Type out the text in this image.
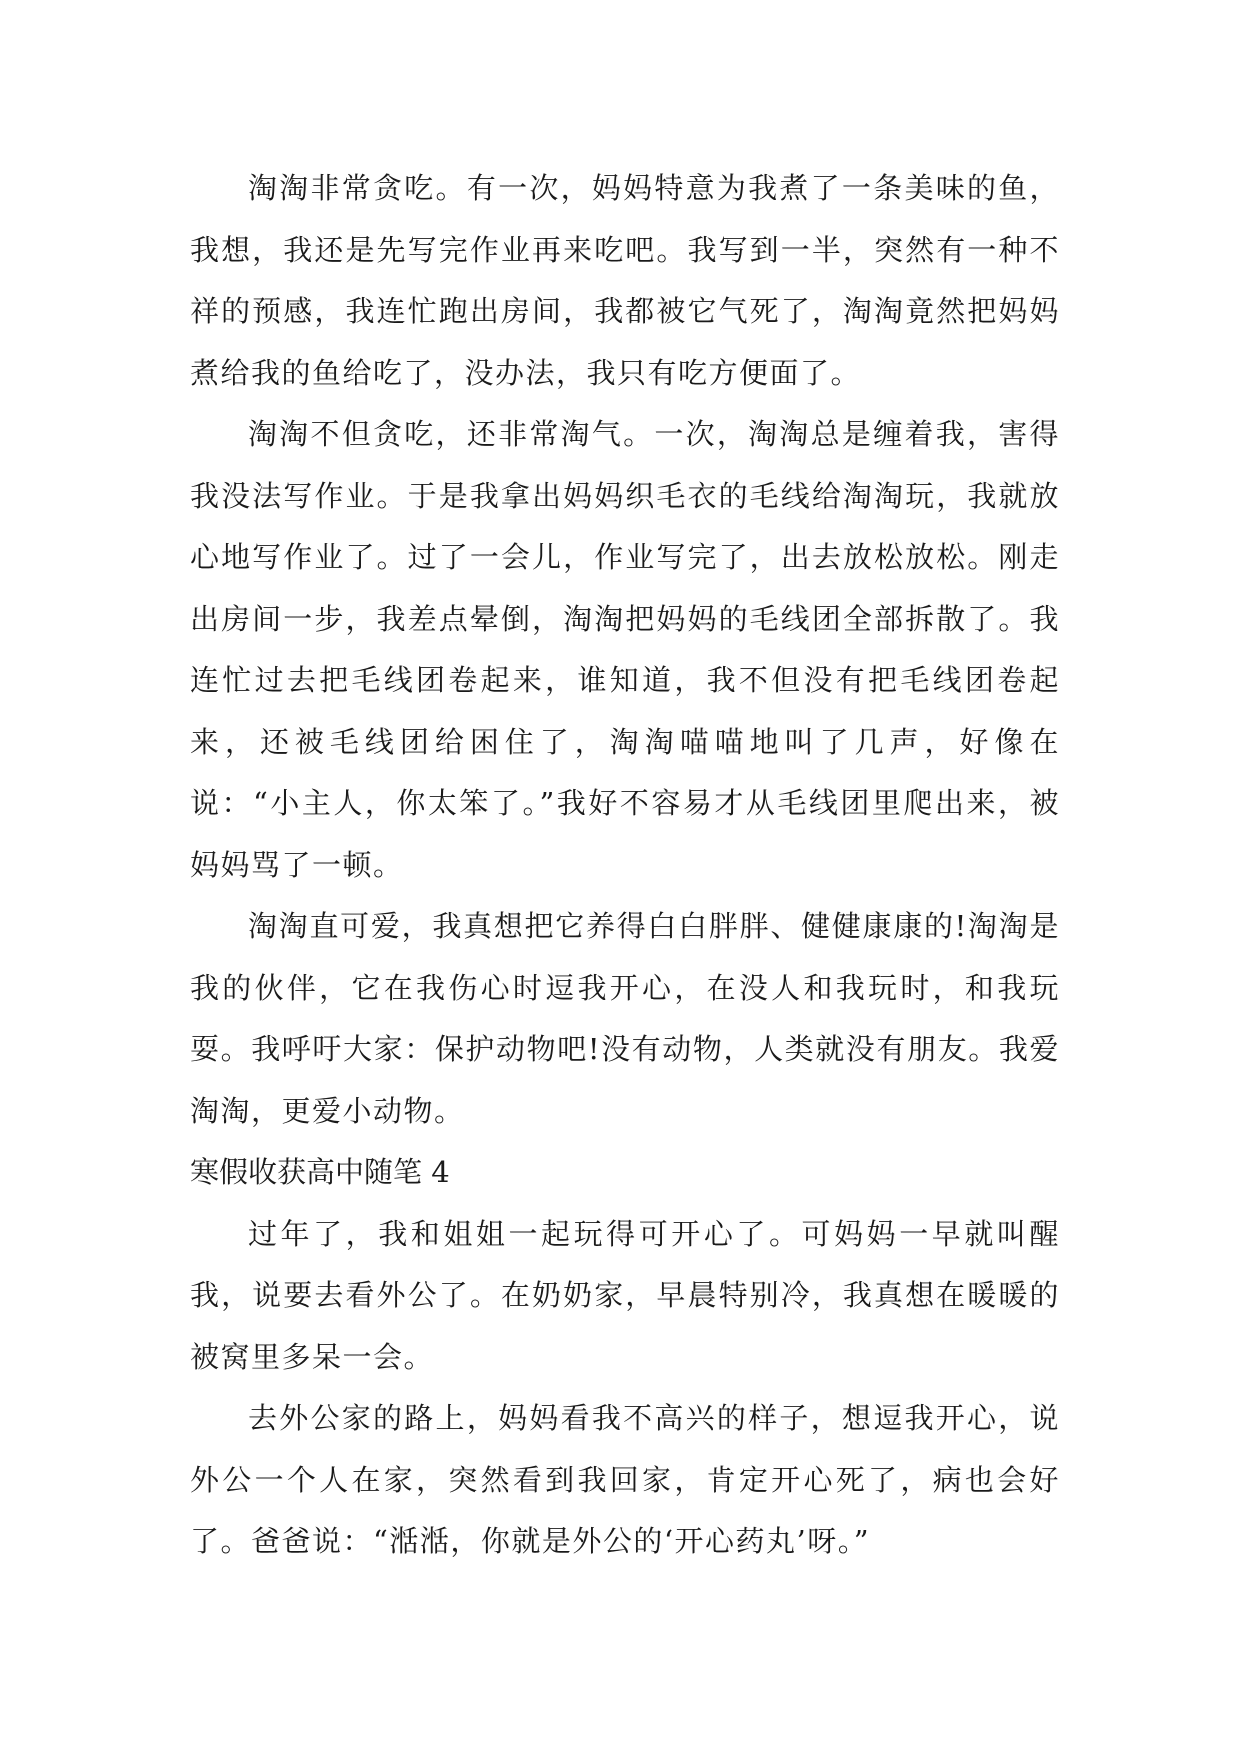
淘淘非常贪吃。有一次，妈妈特意为我煮了一条美味的鱼，我想，我还是先写完作业再来吃吧。我写到一半，突然有一种不祥的预感，我连忙跑出房间，我都被它气死了，淘淘竟然把妈妈煮给我的鱼给吃了，没办法，我只有吃方便面了。

淘淘不但贪吃，还非常淘气。一次，淘淘总是缠着我，害得我没法写作业。于是我拿出妈妈织毛衣的毛线给淘淘玩，我就放心地写作业了。过了一会儿，作业写完了，出去放松放松。刚走出房间一步，我差点晕倒，淘淘把妈妈的毛线团全部拆散了。我连忙过去把毛线团卷起来，谁知道，我不但没有把毛线团卷起来，还被毛线团给困住了，淘淘喵喵地叫了几声，好像在说：“小主人，你太笨了。”我好不容易才从毛线团里爬出来，被妈妈骂了一顿。

淘淘直可爱，我真想把它养得白白胖胖、健健康康的!淘淘是我的伙伴，它在我伤心时逗我开心，在没人和我玩时，和我玩耍。我呼吁大家：保护动物吧!没有动物，人类就没有朋友。我爱淘淘，更爱小动物。

寒假收获高中随笔 4

过年了，我和姐姐一起玩得可开心了。可妈妈一早就叫醒我，说要去看外公了。在奶奶家，早晨特别冷，我真想在暖暖的被窝里多呆一会。

去外公家的路上，妈妈看我不高兴的样子，想逗我开心，说外公一个人在家，突然看到我回家，肯定开心死了，病也会好了。爸爸说：“湉湉，你就是外公的‘开心药丸’呀。”
